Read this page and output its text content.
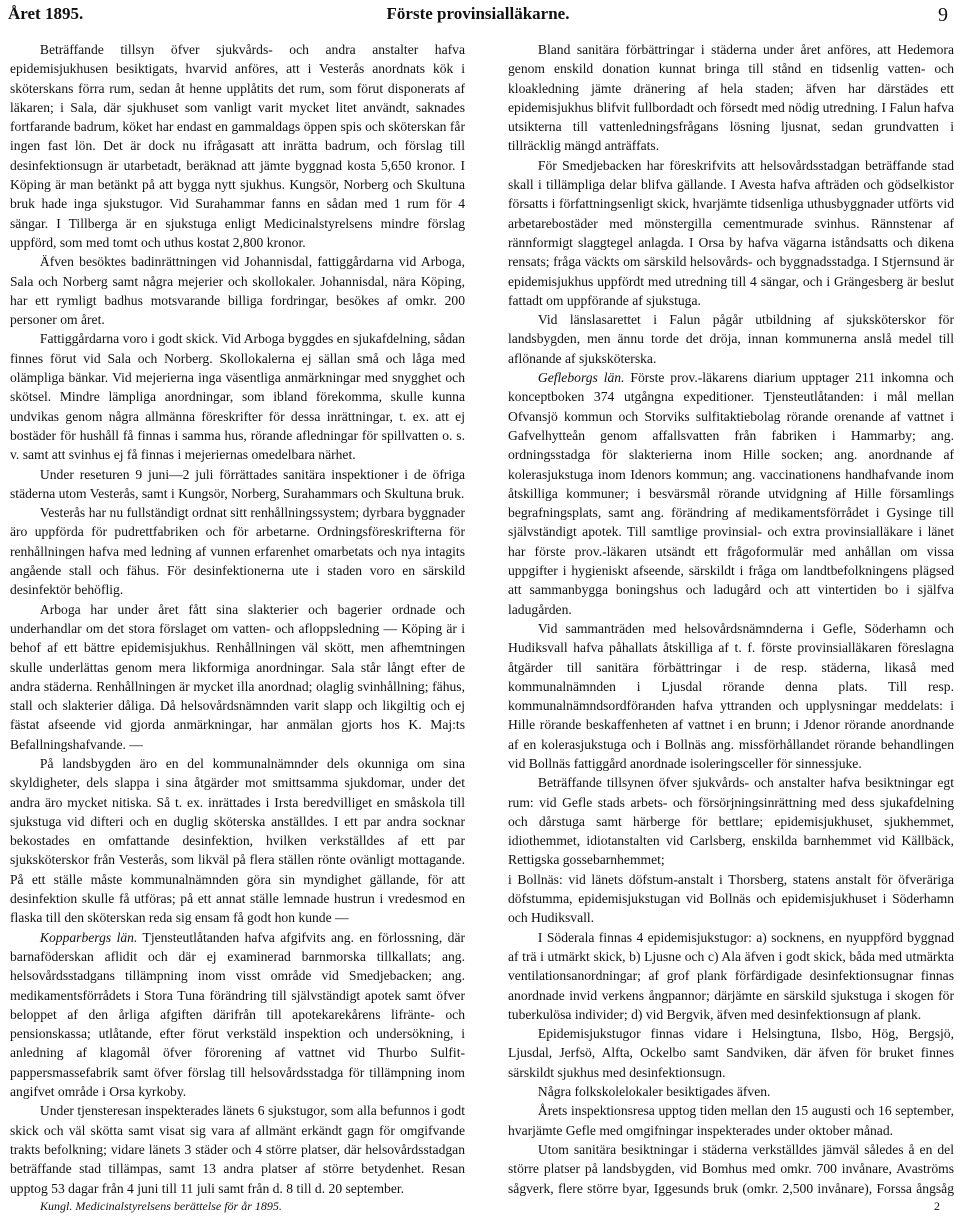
Året 1895.	Förste provinsialläkarne.	9

Beträffande tillsyn öfver sjukvårds- och andra anstalter hafva epidemisjukhusen besiktigats, hvarvid anföres, att i Vesterås anordnats kök i sköterskans förra rum, sedan åt henne upplåtits det rum, som förut disponerats af läkaren; i Sala, där sjukhuset som vanligt varit mycket litet användt, saknades fortfarande badrum, köket har endast en gammaldags öppen spis och sköterskan får ingen fast lön. Det är dock nu ifrågasatt att inrätta badrum, och förslag till desinfektionsugn är utarbetadt, beräknad att jämte byggnad kosta 5,650 kronor. I Köping är man betänkt på att bygga nytt sjukhus. Kungsör, Norberg och Skultuna bruk hade inga sjukstugor. Vid Surahammar fanns en sådan med 1 rum för 4 sängar. I Tillberga är en sjukstuga enligt Medicinalstyrelsens mindre förslag uppförd, som med tomt och uthus kostat 2,800 kronor.

Äfven besöktes badinrättningen vid Johannisdal, fattiggårdarna vid Arboga, Sala och Norberg samt några mejerier och skollokaler. Johannisdal, nära Köping, har ett rymligt badhus motsvarande billiga fordringar, besökes af omkr. 200 personer om året.

Fattiggårdarna voro i godt skick. Vid Arboga byggdes en sjukafdelning, sådan finnes förut vid Sala och Norberg. Skollokalerna ej sällan små och låga med olämpliga bänkar. Vid mejerierna inga väsentliga anmärkningar med snygghet och skötsel. Mindre lämpliga anordningar, som ibland förekomma, skulle kunna undvikas genom några allmänna föreskrifter för dessa inrättningar, t. ex. att ej bostäder för hushåll få finnas i samma hus, rörande afledningar för spillvatten o. s. v. samt att svinhus ej få finnas i mejeriernas omedelbara närhet.

Under reseturen 9 juni—2 juli förrättades sanitära inspektioner i de öfriga städerna utom Vesterås, samt i Kungsör, Norberg, Surahammars och Skultuna bruk.

Vesterås har nu fullständigt ordnat sitt renhållningssystem; dyrbara byggnader äro uppförda för pudrettfabriken och för arbetarne. Ordningsföreskrifterna för renhållningen hafva med ledning af vunnen erfarenhet omarbetats och nya intagits angående stall och fähus. För desinfektionerna ute i staden voro en särskild desinfektör behöflig.

Arboga har under året fått sina slakterier och bagerier ordnade och underhandlar om det stora förslaget om vatten- och afloppsledning — Köping är i behof af ett bättre epidemisjukhus. Renhållningen väl skött, men afhemtningen skulle underlättas genom mera likformiga anordningar. Sala står långt efter de andra städerna. Renhållningen är mycket illa anordnad; olaglig svinhållning; fähus, stall och slakterier dåliga. Då helsovårdsnämnden varit slapp och likgiltig och ej fästat afseende vid gjorda anmärkningar, har anmälan gjorts hos K. Maj:ts Befallningshafvande. —

På landsbygden äro en del kommunalnämnder dels okunniga om sina skyldigheter, dels slappa i sina åtgärder mot smittsamma sjukdomar, under det andra äro mycket nitiska. Så t. ex. inrättades i Irsta beredvilliget en småskola till sjukstuga vid difteri och en duglig sköterska anställdes. I ett par andra socknar bekostades en omfattande desinfektion, hvilken verkställdes af ett par sjuksköterskor från Vesterås, som likväl på flera ställen rönte ovänligt mottagande. På ett ställe måste kommunalnämnden göra sin myndighet gällande, för att desinfektion skulle få utföras; på ett annat ställe lemnade hustrun i vredesmod en flaska till den sköterskan reda sig ensam få godt hon kunde —

Kopparbergs län. Tjensteutlåtanden hafva afgifvits ang. en förlossning, där barnaföderskan aflidit och där ej examinerad barnmorska tillkallats; ang. helsovårdsstadgans tillämpning inom visst område vid Smedjebacken; ang. medikamentsförrådets i Stora Tuna förändring till självständigt apotek samt öfver beloppet af den årliga afgiften därifrån till apotekarekårens lifränte- och pensionskassa; utlåtande, efter förut verkstäld inspektion och undersökning, i anledning af klagomål öfver förorening af vattnet vid Thurbo Sulfit-pappersmassefabrik samt öfver förslag till helsovårdsstadga för tillämpning inom angifvet område i Orsa kyrkoby.

Under tjensteresan inspekterades länets 6 sjukstugor, som alla befunnos i godt skick och väl skötta samt visat sig vara af allmänt erkändt gagn för omgifvande trakts befolkning; vidare länets 3 städer och 4 större platser, där helsovårdsstadgan beträffande stad tillämpas, samt 13 andra platser af större betydenhet. Resan upptog 53 dagar från 4 juni till 11 juli samt från d. 8 till d. 20 september.

Bland sanitära förbättringar i städerna under året anföres, att Hedemora genom enskild donation kunnat bringa till stånd en tidsenlig vatten- och kloakledning jämte dränering af hela staden; äfven har därstädes ett epidemisjukhus blifvit fullbordadt och försedt med nödig utredning. I Falun hafva utsikterna till vattenledningsfrågans lösning ljusnat, sedan grundvatten i tillräcklig mängd anträffats.

För Smedjebacken har föreskrifvits att helsovårdsstadgan beträffande stad skall i tillämpliga delar blifva gällande. I Avesta hafva afträden och gödselkistor försatts i författningsenligt skick, hvarjämte tidsenliga uthusbyggnader utförts vid arbetarebostäder med mönstergilla cementmurade svinhus. Rännstenar af rännformigt slaggtegel anlagda. I Orsa by hafva vägarna iståndsatts och dikena rensats; fråga väckts om särskild helsovårds- och byggnadsstadga. I Stjernsund är epidemisjukhus uppfördt med utredning till 4 sängar, och i Grängesberg är beslut fattadt om uppförande af sjukstuga.

Vid länslasarettet i Falun pågår utbildning af sjuksköterskor för landsbygden, men ännu torde det dröja, innan kommunerna anslå medel till aflönande af sjuksköterska.

Gefleborgs län. Förste prov.-läkarens diarium upptager 211 inkomna och konceptboken 374 utgångna expeditioner. Tjensteutlåtanden: i mål mellan Ofvansjö kommun och Storviks sulfitaktiebolag rörande orenande af vattnet i Gafvelhyttеån genom affallsvatten från fabriken i Hammarby; ang. ordningsstadga för slakterierna inom Hille socken; ang. anordnande af kolerasjukstuga inom Idenors kommun; ang. vaccinationens handhafvande inom åtskilliga kommuner; i besvärsmål rörande utvidgning af Hille församlings begrafningsplats, samt ang. förändring af medikamentsförrådet i Gysinge till självständigt apotek. Till samtlige provinsial- och extra provinsialläkare i länet har förste prov.-läkaren utsändt ett frågoformulär med anhållan om vissa uppgifter i hygieniskt afseende, särskildt i fråga om landtbefolkningens plägsed att sammanbygga boningshus och ladugård och att vintertiden bo i själfva ladugården.

Vid sammanträden med helsovårdsnämnderna i Gefle, Söderhamn och Hudiksvall hafva påhallats åtskilliga af t. f. förste provinsialläkaren föreslagna åtgärder till sanitära förbättringar i de resp. städerna, likaså med kommunalnämnden i Ljusdal rörande denna plats. Till resp. kommunalnämndsordförанden hafva yttranden och upplysningar meddelats: i Hille rörande beskaffenheten af vattnet i en brunn; i Jdenor rörande anordnande af en kolerasjukstuga och i Bollnäs ang. missförhållandet rörande behandlingen vid Bollnäs fattiggård anordnade isoleringsceller för sinnessjuke.

Beträffande tillsynen öfver sjukvårds- och anstalter hafva besiktningar egt rum: vid Gefle stads arbets- och försörjningsinrättning med dess sjukafdelning och dårstuga samt härberge för bettlare; epidemisjukhuset, sjukhemmet, idiothemmet, idiotanstalten vid Carlsberg, enskilda barnhemmet vid Källbäck, Rettigska gossebarnhemmet;

i Bollnäs: vid länets döfstum-anstalt i Thorsberg, statens anstalt för öfveräriga döfstumma, epidemisjukstugan vid Bollnäs och epidemisjukhuset i Söderhamn och Hudiksvall.

I Söderala finnas 4 epidemisjukstugor: a) socknens, en nyuppförd byggnad af trä i utmärkt skick, b) Ljusne och c) Ala äfven i godt skick, båda med utmärkta ventilationsanordningar; af grof plank förfärdigade desinfektionsugnar finnas anordnade invid verkens ångpannor; därjämte en särskild sjukstuga i skogen för tuberkulösa individer; d) vid Bergvik, äfven med desinfektionsugn af plank.

Epidemisjukstugor finnas vidare i Helsingtuna, Ilsbo, Hög, Bergsjö, Ljusdal, Jerfsö, Alfta, Ockelbo samt Sandviken, där äfven för bruket finnes särskildt sjukhus med desinfektionsugn.

Några folkskolelokaler besiktigades äfven.

Årets inspektionsresa upptog tiden mellan den 15 augusti och 16 september, hvarjämte Gefle med omgifningar inspekterades under oktober månad.

Utom sanitära besiktningar i städerna verkställdes jämväl således å en del större platser på landsbygden, vid Bomhus med omkr. 700 invånare, Avaströms sågverk, flere större byar, Iggesunds bruk (omkr. 2,500 invånare), Forssa ångsåg

Kungl. Medicinalstyrelsens berättelse för år 1895.	2
